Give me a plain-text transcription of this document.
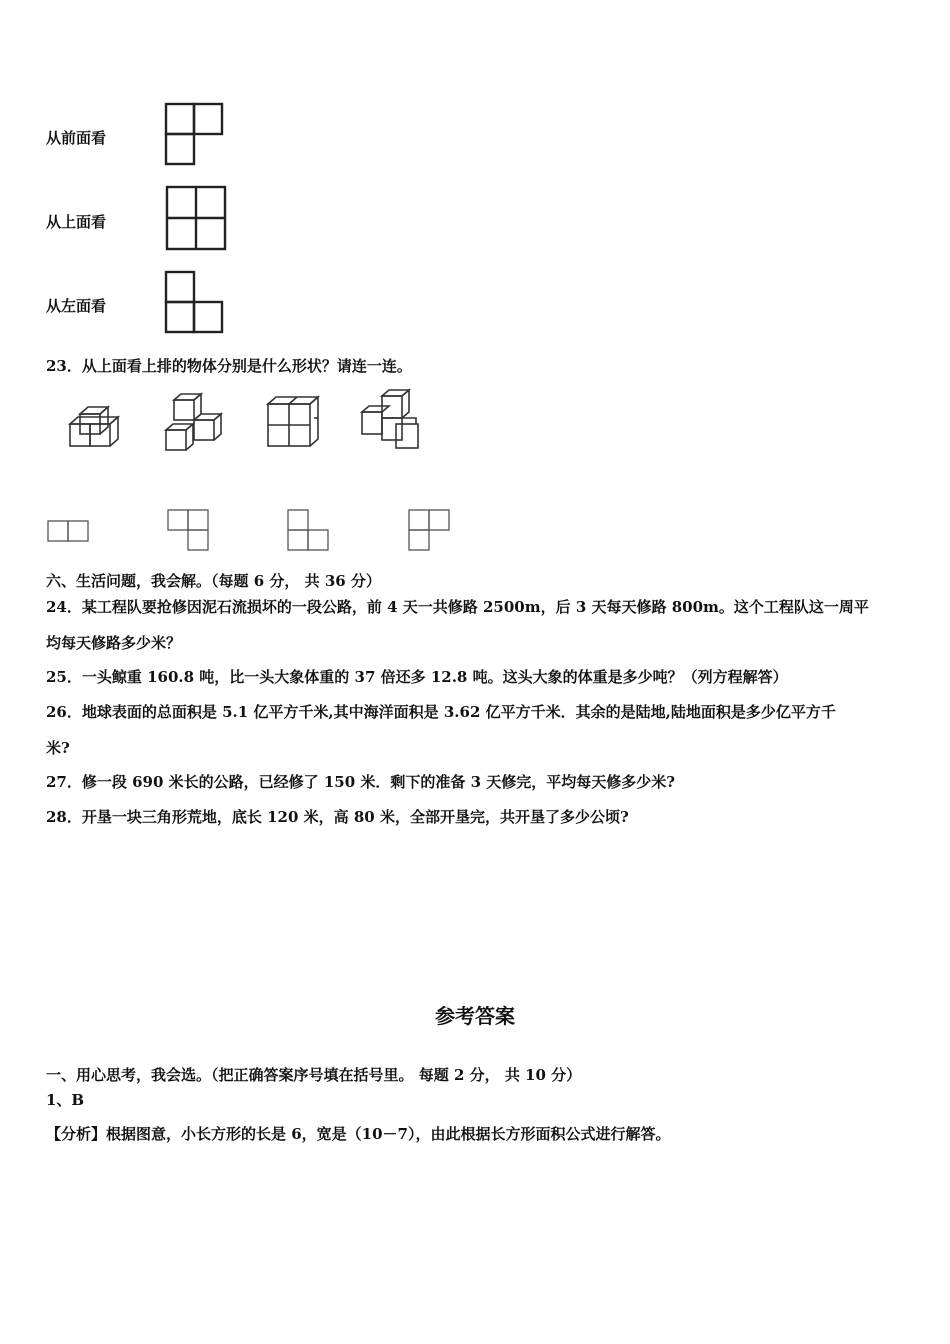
从前面看
从上面看
从左面看
23．从上面看上排的物体分别是什么形状？请连一连。
六、生活问题，我会解。（每题 6 分， 共 36 分）
24．某工程队要抢修因泥石流损坏的一段公路，前 4 天一共修路 2500m，后 3 天每天修路 800m。这个工程队这一周平
均每天修路多少米？
25．一头鲸重 160.8 吨，比一头大象体重的 37 倍还多 12.8 吨。这头大象的体重是多少吨？（列方程解答）
26．地球表面的总面积是 5.1 亿平方千米,其中海洋面积是 3.62 亿平方千米．其余的是陆地,陆地面积是多少亿平方千
米?
27．修一段 690 米长的公路，已经修了 150 米．剩下的准备 3 天修完，平均每天修多少米?
28．开垦一块三角形荒地，底长 120 米，高 80 米，全部开垦完，共开垦了多少公顷?
参考答案
一、用心思考，我会选。（把正确答案序号填在括号里。 每题 2 分， 共 10 分）
1、B
【分析】根据图意，小长方形的长是 6，宽是（10－7），由此根据长方形面积公式进行解答。
